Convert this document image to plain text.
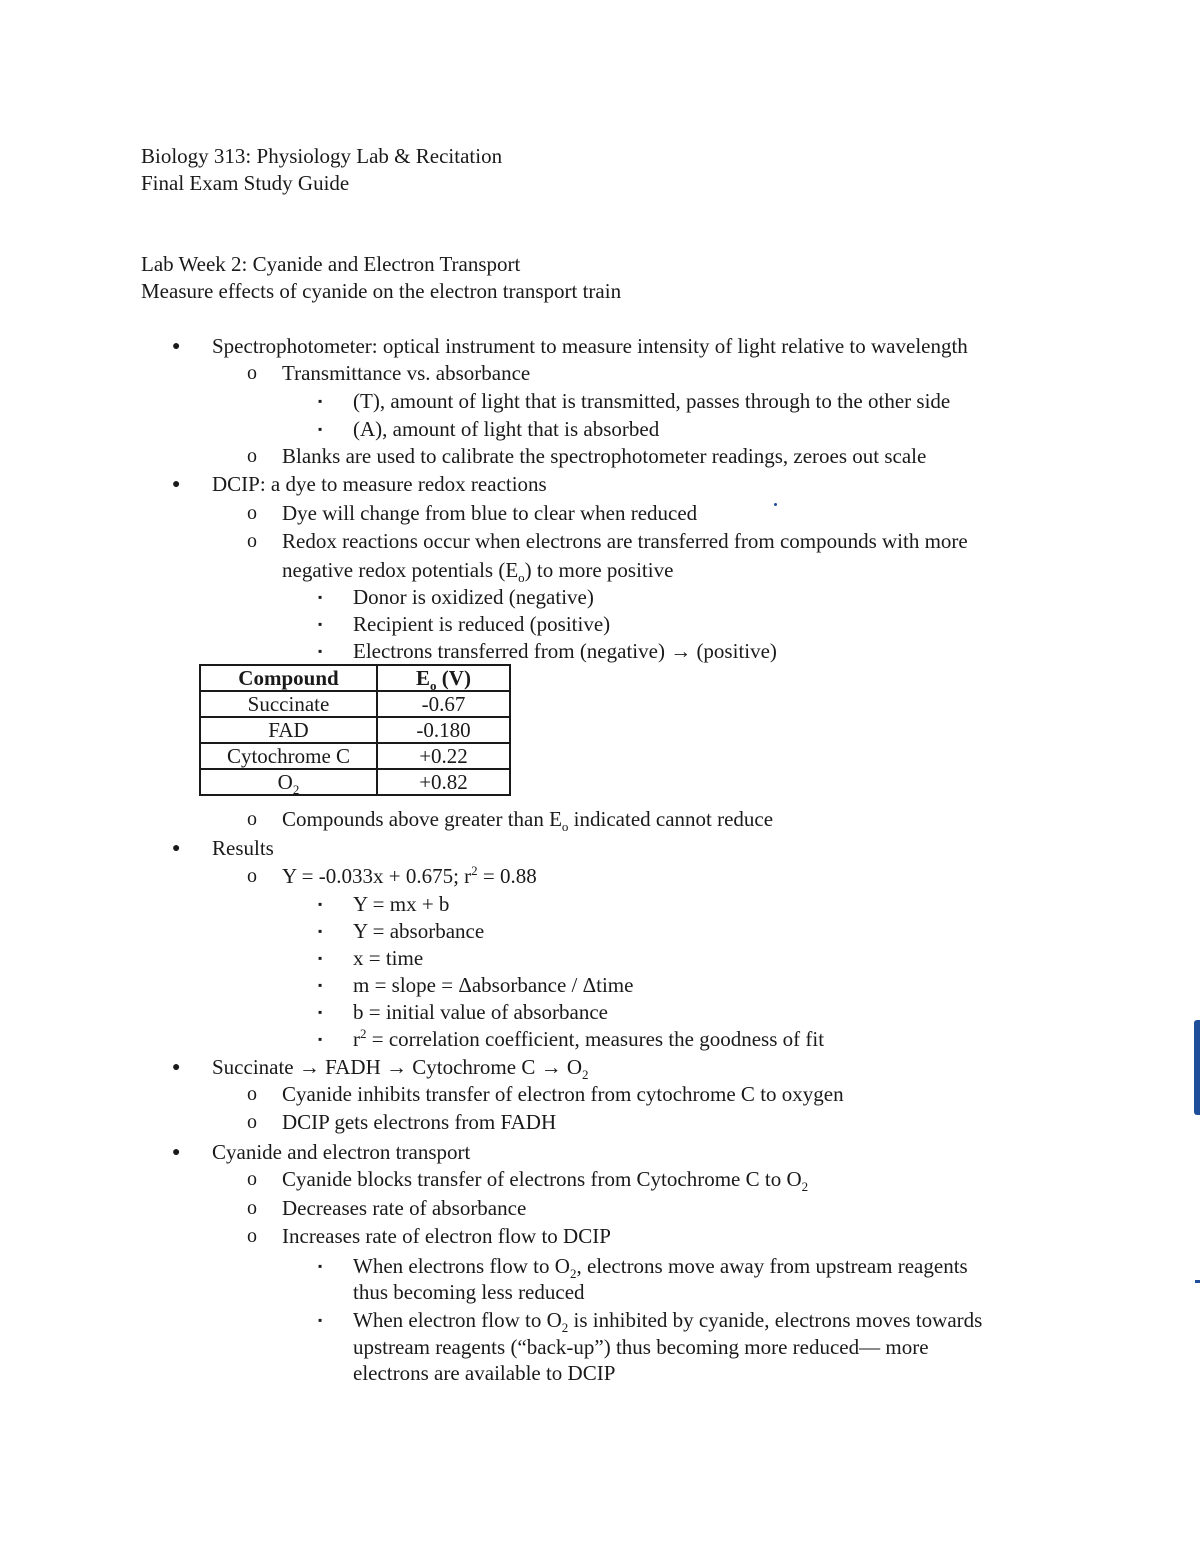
Biology 313: Physiology Lab & Recitation
Final Exam Study Guide
Lab Week 2: Cyanide and Electron Transport
Measure effects of cyanide on the electron transport train
● Spectrophotometer: optical instrument to measure intensity of light relative to wavelength
o Transmittance vs. absorbance
▪ (T), amount of light that is transmitted, passes through to the other side
▪ (A), amount of light that is absorbed
o Blanks are used to calibrate the spectrophotometer readings, zeroes out scale
● DCIP: a dye to measure redox reactions
o Dye will change from blue to clear when reduced
o Redox reactions occur when electrons are transferred from compounds with more
negative redox potentials $(E_o)$ to more positive
▪ Donor is oxidized (negative)
▪ Recipient is reduced (positive)
▪ Electrons transferred from (negative) → (positive)
Compound	$E_o$ (V)
Succinate	-0.67
FAD	-0.180
Cytochrome C	+0.22
$O_2$	+0.82
o Compounds above greater than $E_o$ indicated cannot reduce
● Results
o Y = -0.033x + 0.675; $r^2 = 0.88$
▪ Y = mx + b
▪ Y = absorbance
▪ x = time
▪ m = slope = Δabsorbance / Δtime
▪ b = initial value of absorbance
▪ $r^2$ = correlation coefficient, measures the goodness of fit
● Succinate → FADH → Cytochrome $C \to O_2$
o Cyanide inhibits transfer of electron from cytochrome C to oxygen
o DCIP gets electrons from FADH
● Cyanide and electron transport
o Cyanide blocks transfer of electrons from Cytochrome C to $O_2$
o Decreases rate of absorbance
o Increases rate of electron flow to DCIP
▪ When electrons flow to $O_2$, electrons move away from upstream reagents
thus becoming less reduced
▪ When electron flow to $O_2$ is inhibited by cyanide, electrons moves towards
upstream reagents (“back-up”) thus becoming more reduced— more
electrons are available to DCIP
